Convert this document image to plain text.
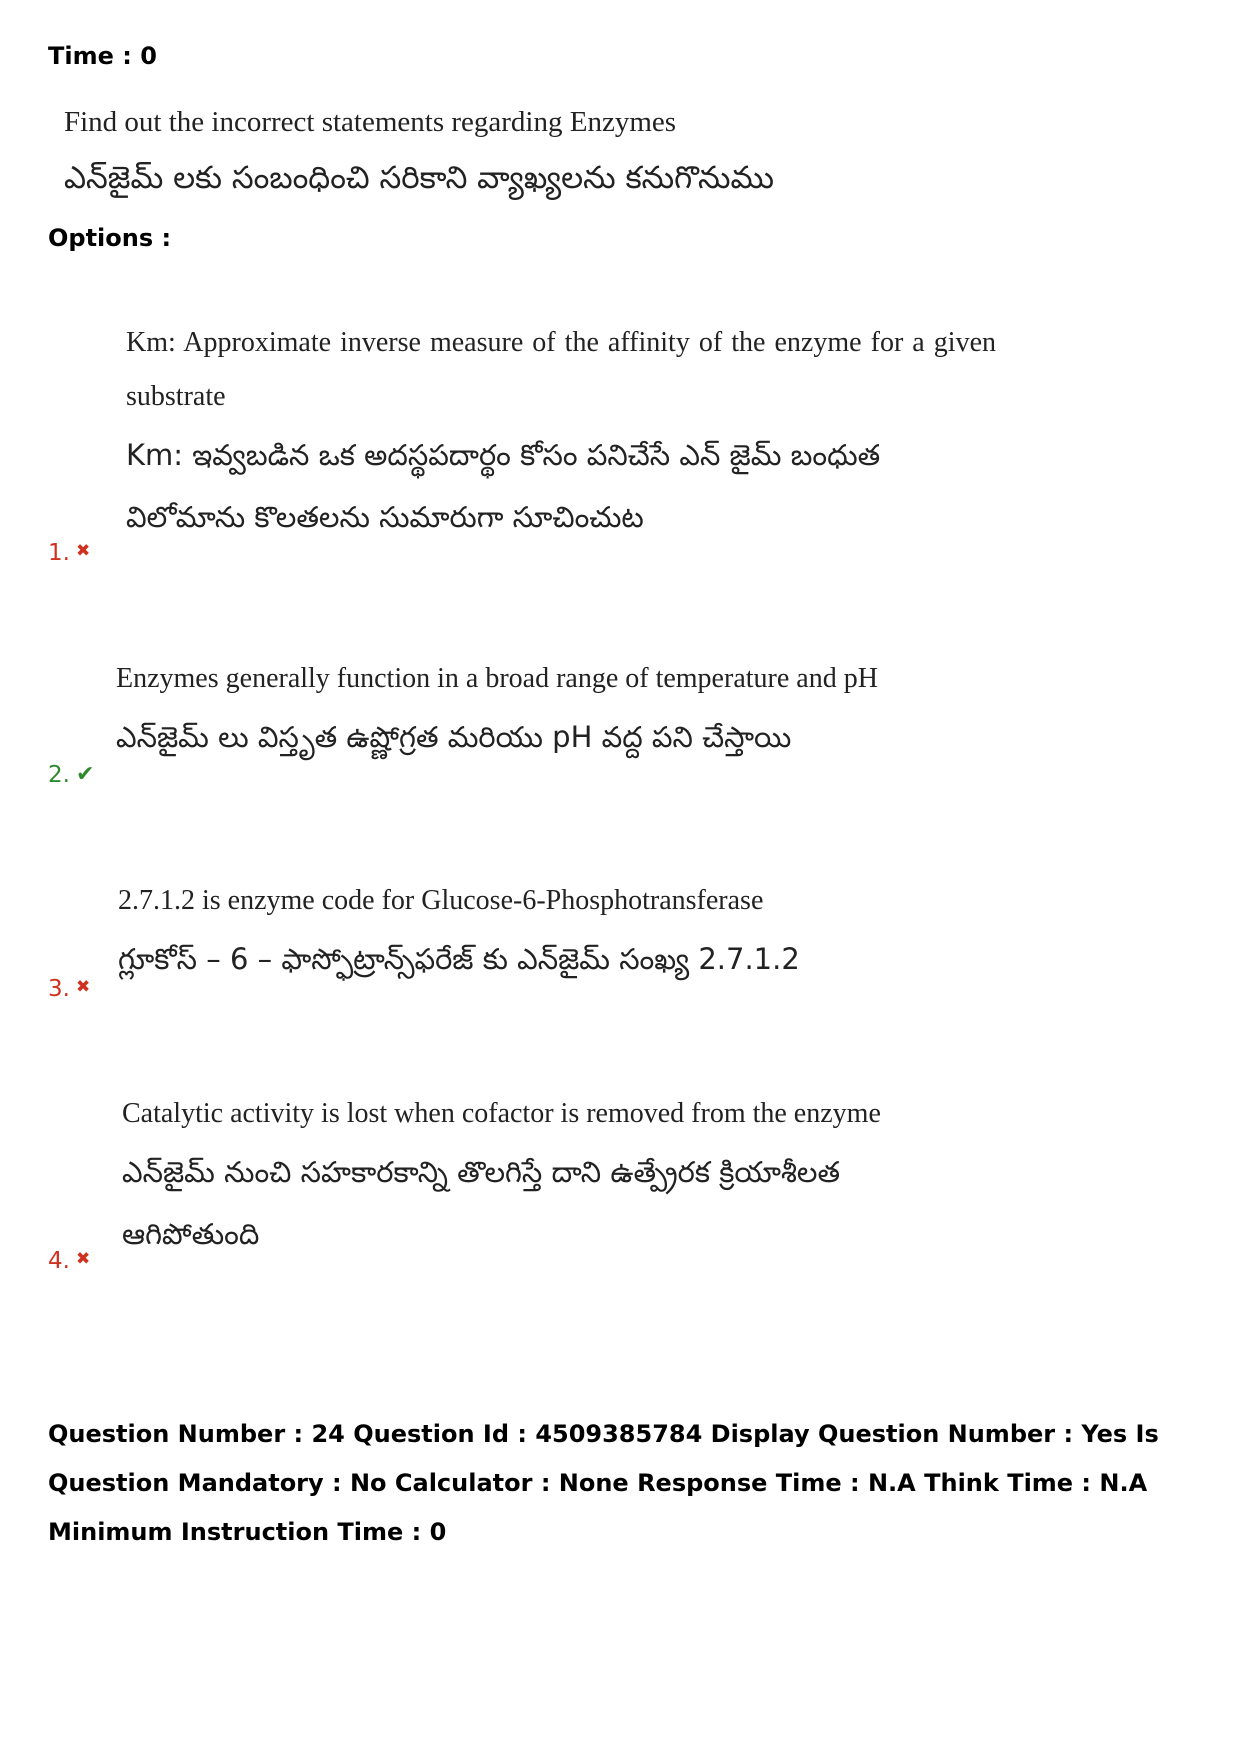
Time : 0
Find out the incorrect statements regarding Enzymes
ఎన్‌జైమ్ లకు సంబంధించి సరికాని వ్యాఖ్యలను కనుగొనుము
Options :
Km: Approximate inverse measure of the affinity of the enzyme for a given substrate
Km: ఇవ్వబడిన ఒక అదస్థపదార్థం కోసం పనిచేసే ఎన్ జైమ్ బంధుత
విలోమాను కొలతలను సుమారుగా సూచించుట
1. ✖
Enzymes generally function in a broad range of temperature and pH
ఎన్‌జైమ్ లు విస్తృత ఉష్ణోగ్రత మరియు pH వద్ద పని చేస్తాయి
2. ✔
2.7.1.2 is enzyme code for Glucose-6-Phosphotransferase
గ్లూకోస్ – 6 – ఫాస్ఫోట్రాన్స్‌ఫరేజ్ కు ఎన్‌జైమ్ సంఖ్య 2.7.1.2
3. ✖
Catalytic activity is lost when cofactor is removed from the enzyme
ఎన్‌జైమ్ నుంచి సహకారకాన్ని తొలగిస్తే దాని ఉత్ప్రేరక క్రియాశీలత
ఆగిపోతుంది
4. ✖
Question Number : 24 Question Id : 4509385784 Display Question Number : Yes Is Question Mandatory : No Calculator : None Response Time : N.A Think Time : N.A Minimum Instruction Time : 0
